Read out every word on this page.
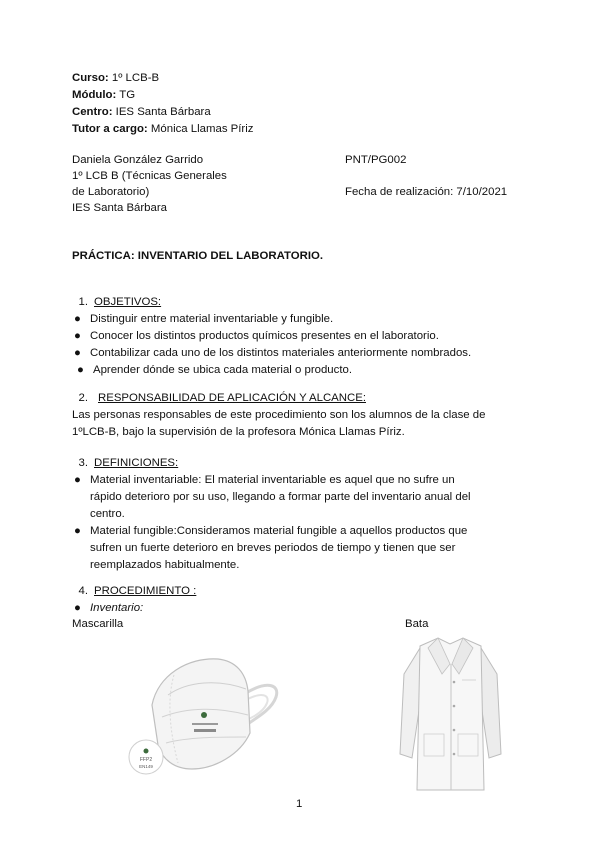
Curso: 1º LCB-B
Módulo: TG
Centro: IES Santa Bárbara
Tutor a cargo: Mónica Llamas Píriz
Daniela González Garrido
1º LCB B (Técnicas Generales
de Laboratorio)
IES Santa Bárbara
PNT/PG002
Fecha de realización: 7/10/2021
PRÁCTICA: INVENTARIO DEL LABORATORIO.
1. OBJETIVOS:
● Distinguir entre material inventariable y fungible.
● Conocer los distintos productos químicos presentes en el laboratorio.
● Contabilizar cada uno de los distintos materiales anteriormente nombrados.
● Aprender dónde se ubica cada material o producto.
2. RESPONSABILIDAD DE APLICACIÓN Y ALCANCE:
Las personas responsables de este procedimiento son los alumnos de la clase de
1ºLCB-B, bajo la supervisión de la profesora Mónica Llamas Píriz.
3. DEFINICIONES:
● Material inventariable: El material inventariable es aquel que no sufre un
rápido deterioro por su uso, llegando a formar parte del inventario anual del
centro.
● Material fungible:Consideramos material fungible a aquellos productos que
sufren un fuerte deterioro en breves periodos de tiempo y tienen que ser
reemplazados habitualmente.
4. PROCEDIMIENTO :
● Inventario:
Mascarilla	Bata
FFP2
EN149
1
